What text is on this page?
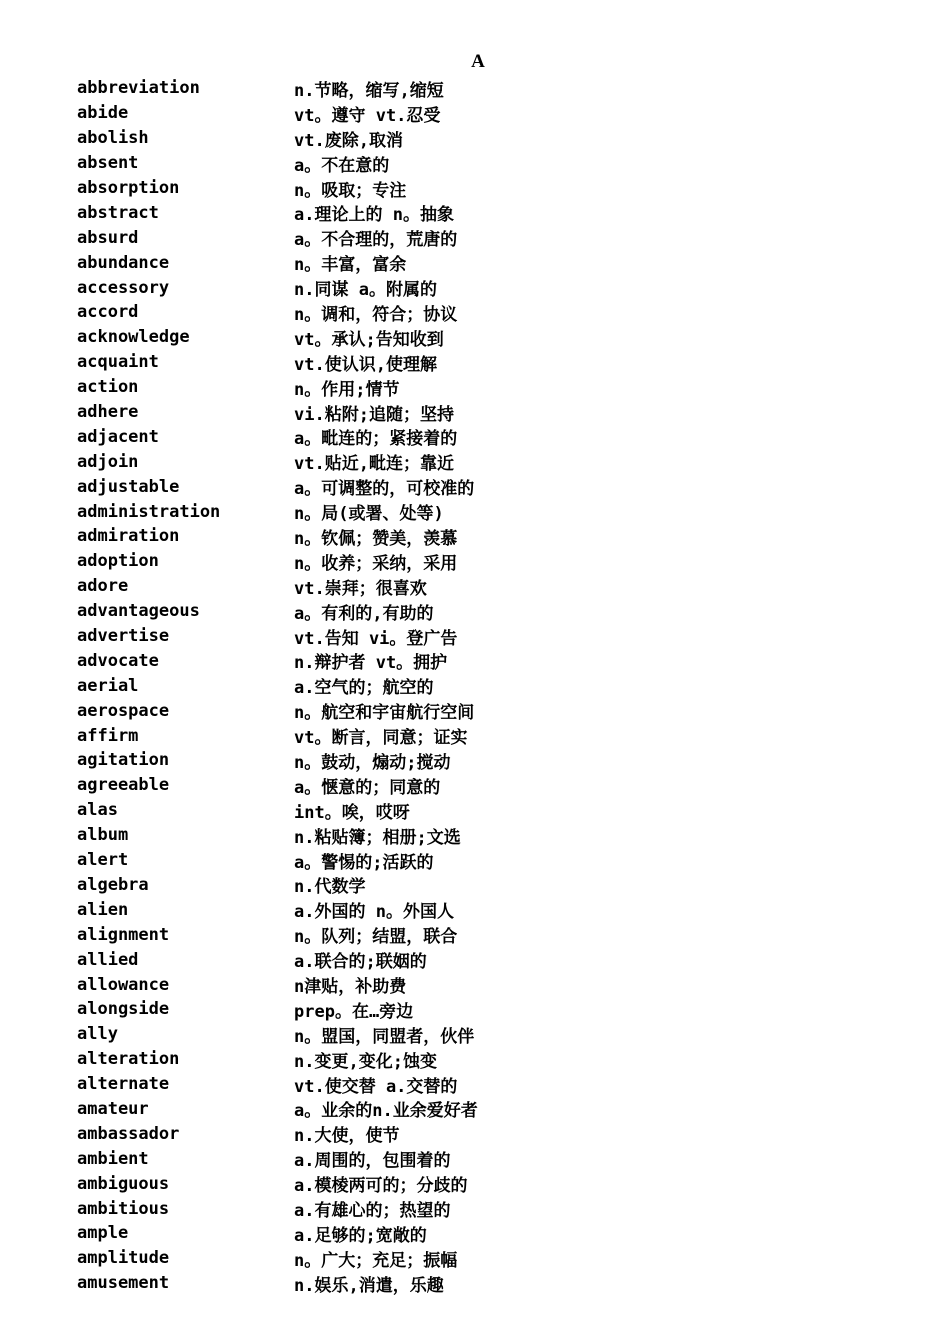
A
abbreviation	n.节略，缩写,缩短
abide	vt。遵守 vt.忍受
abolish	vt.废除,取消
absent	a。不在意的
absorption	n。吸取；专注
abstract	a.理论上的 n。抽象
absurd	a。不合理的，荒唐的
abundance	n。丰富，富余
accessory	n.同谋 a。附属的
accord	n。调和，符合；协议
acknowledge	vt。承认;告知收到
acquaint	vt.使认识,使理解
action	n。作用;情节
adhere	vi.粘附;追随；坚持
adjacent	a。毗连的；紧接着的
adjoin	vt.贴近,毗连；靠近
adjustable	a。可调整的，可校准的
administration	n。局(或署、处等)
admiration	n。钦佩；赞美，羡慕
adoption	n。收养；采纳，采用
adore	vt.崇拜；很喜欢
advantageous	a。有利的,有助的
advertise	vt.告知 vi。登广告
advocate	n.辩护者 vt。拥护
aerial	a.空气的；航空的
aerospace	n。航空和宇宙航行空间
affirm	vt。断言，同意；证实
agitation	n。鼓动，煽动;搅动
agreeable	a。惬意的；同意的
alas	int。唉，哎呀
album	n.粘贴簿；相册;文选
alert	a。警惕的;活跃的
algebra	n.代数学
alien	a.外国的 n。外国人
alignment	n。队列；结盟，联合
allied	a.联合的;联姻的
allowance	n津贴，补助费
alongside	prep。在…旁边
ally	n。盟国，同盟者，伙伴
alteration	n.变更,变化;蚀变
alternate	vt.使交替 a.交替的
amateur	a。业余的n.业余爱好者
ambassador	n.大使，使节
ambient	a.周围的，包围着的
ambiguous	a.模棱两可的；分歧的
ambitious	a.有雄心的；热望的
ample	a.足够的;宽敞的
amplitude	n。广大；充足；振幅
amusement	n.娱乐,消遣，乐趣
